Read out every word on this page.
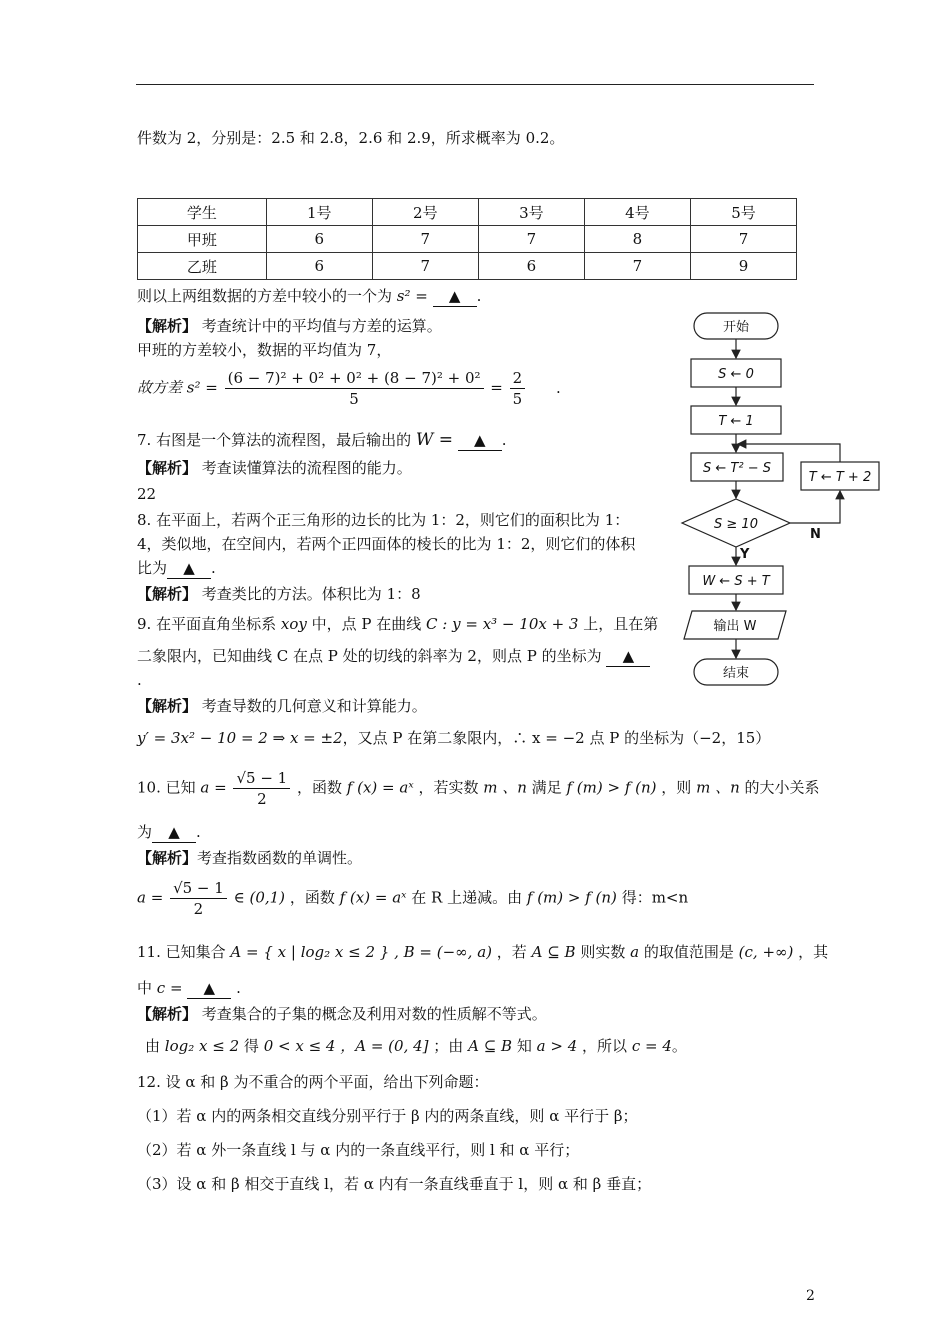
件数为 2，分别是：2.5 和 2.8，2.6 和 2.9，所求概率为 0.2。
学生	1号	2号	3号	4号	5号
甲班	6	7	7	8	7
乙班	6	7	6	7	9
则以上两组数据的方差中较小的一个为 s² = ▲ .
【解析】 考查统计中的平均值与方差的运算。
甲班的方差较小，数据的平均值为 7，
故方差 $s^2 = \frac{\text{(6 − 7)² + 0² + 0² + (8 − 7)² + 0²}}{5} = \frac{2}{5}$ .
7. 右图是一个算法的流程图，最后输出的 W = ▲ .
【解析】 考查读懂算法的流程图的能力。
22
8. 在平面上，若两个正三角形的边长的比为 1：2，则它们的面积比为 1：
4，类似地，在空间内，若两个正四面体的棱长的比为 1：2，则它们的体积
比为 ▲ .
【解析】 考查类比的方法。体积比为 1：8
9. 在平面直角坐标系 xoy 中，点 P 在曲线 C : y = x³ − 10x + 3 上，且在第
二象限内，已知曲线 C 在点 P 处的切线的斜率为 2，则点 P 的坐标为 ▲
.
【解析】 考查导数的几何意义和计算能力。
y′ = 3x² − 10 = 2 ⇒ x = ±2，又点 P 在第二象限内，∴ x = −2 点 P 的坐标为（−2，15）
10. 已知 $a = \frac{√5 - 1}{2}$ ，函数 f (x) = aˣ ，若实数 m 、n 满足 f (m) > f (n) ，则 m 、n 的大小关系
为 ▲ .
【解析】考查指数函数的单调性。
$a = \frac{√5 - 1}{2}$ ∈ (0,1) ，函数 f (x) = aˣ 在 R 上递减。由 f (m) > f (n) 得：m<n
11. 已知集合 A = { x | log₂ x ≤ 2 } , B = (−∞, a) ，若 A ⊆ B 则实数 a 的取值范围是 (c, +∞) ，其
中 c = ▲ .
【解析】 考查集合的子集的概念及利用对数的性质解不等式。
由 log₂ x ≤ 2 得 0 < x ≤ 4 ，A = (0, 4] ；由 A ⊆ B 知 a > 4 ，所以 c = 4。
12. 设 α 和 β 为不重合的两个平面，给出下列命题：
（1）若 α 内的两条相交直线分别平行于 β 内的两条直线，则 α 平行于 β；
（2）若 α 外一条直线 l 与 α 内的一条直线平行，则 l 和 α 平行；
（3）设 α 和 β 相交于直线 l，若 α 内有一条直线垂直于 l，则 α 和 β 垂直；
开始
S ← 0
T ← 1
S ← T² − S
S ≥ 10
N
Y
T ← T + 2
W ← S + T
输出 W
结束
2
